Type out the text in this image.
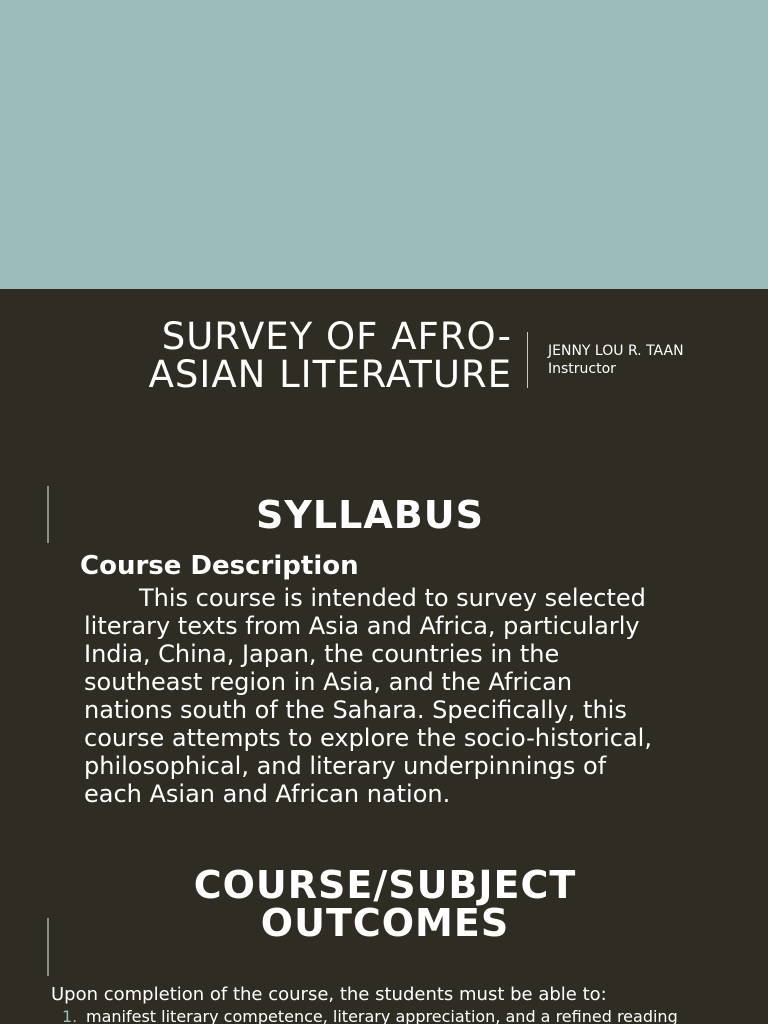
SURVEY OF AFRO-
ASIAN LITERATURE
JENNY LOU R. TAAN
Instructor
SYLLABUS
Course Description

This course is intended to survey selected
literary texts from Asia and Africa, particularly
India, China, Japan, the countries in the
southeast region in Asia, and the African
nations south of the Sahara. Specifically, this
course attempts to explore the socio-historical,
philosophical, and literary underpinnings of
each Asian and African nation.

COURSE/SUBJECT
OUTCOMES

Upon completion of the course, the students must be able to:

1. manifest literary competence, literary appreciation, and a refined reading
